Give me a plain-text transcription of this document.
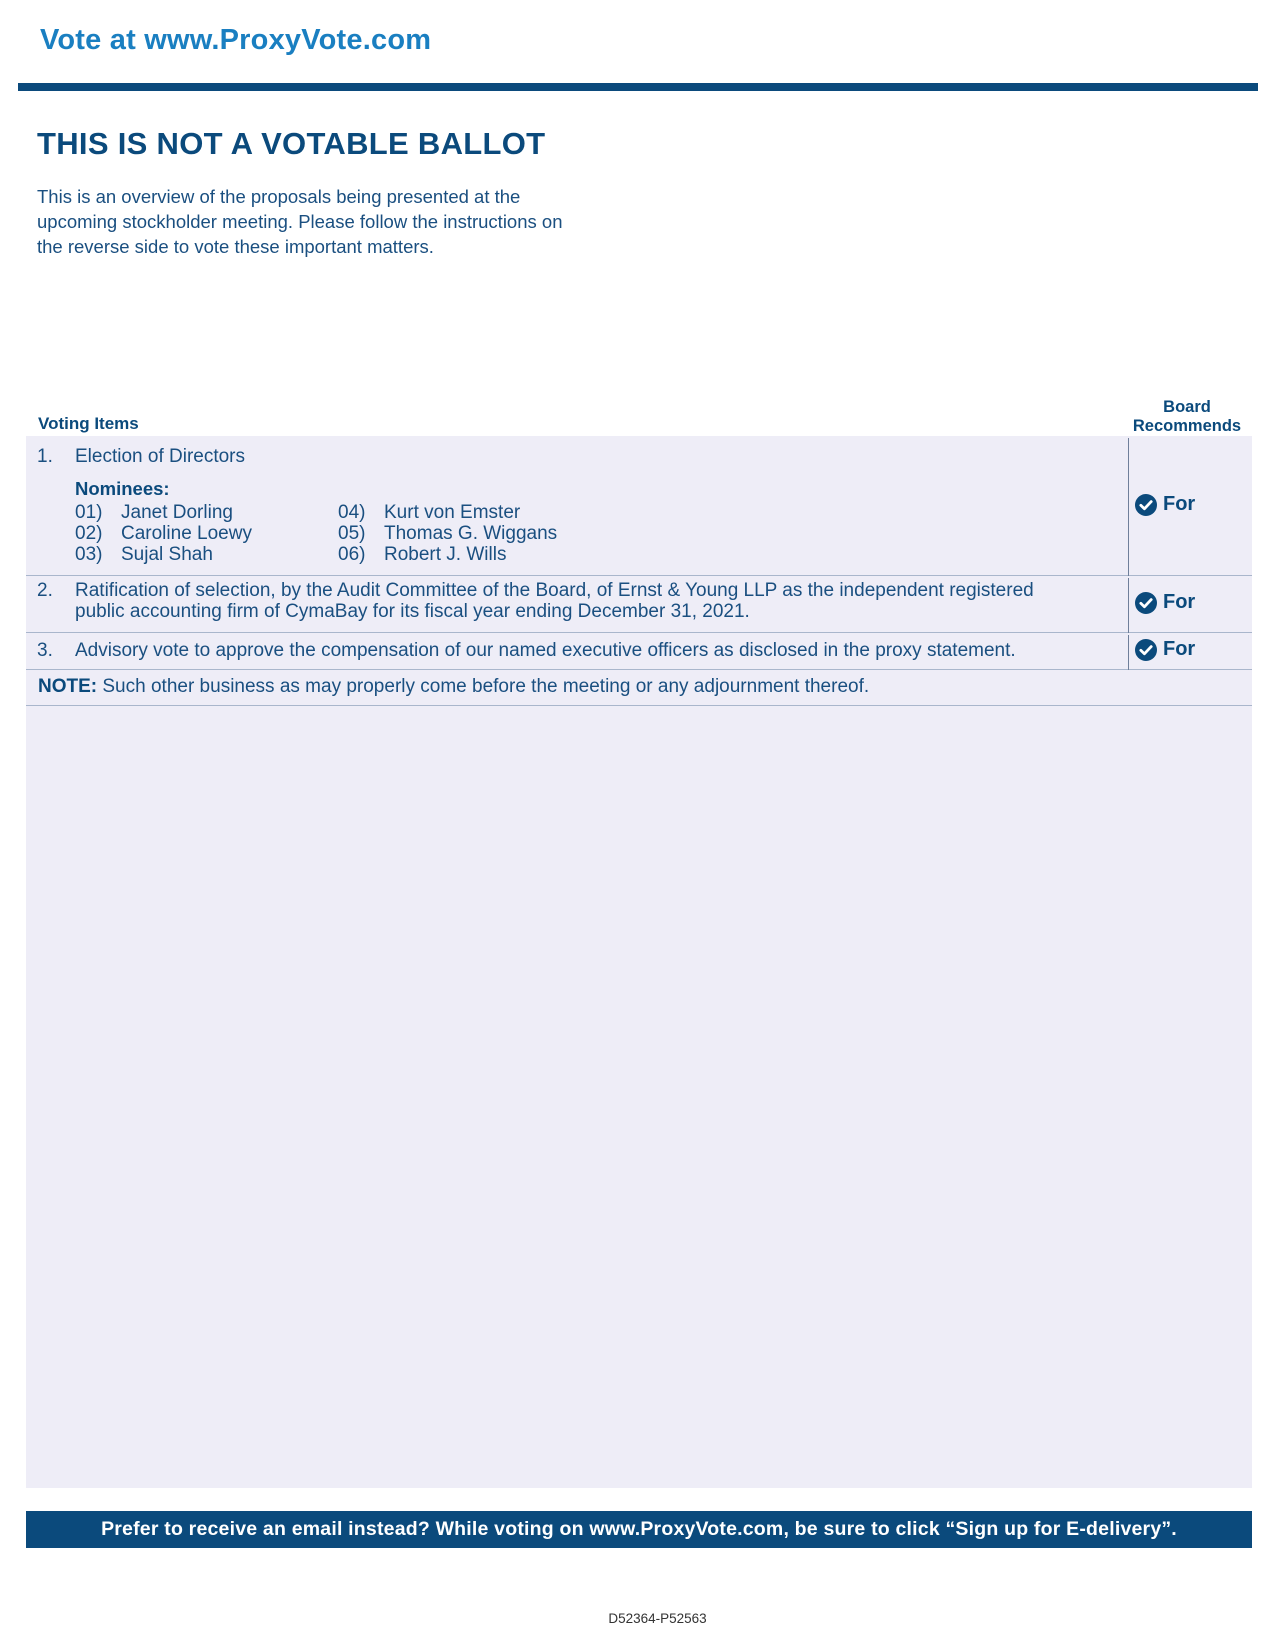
Vote at www.ProxyVote.com
THIS IS NOT A VOTABLE BALLOT
This is an overview of the proposals being presented at the
upcoming stockholder meeting. Please follow the instructions on
the reverse side to vote these important matters.
Voting Items
Board
Recommends
1. Election of Directors
Nominees:
01) Janet Dorling
02) Caroline Loewy
03) Sujal Shah
04) Kurt von Emster
05) Thomas G. Wiggans
06) Robert J. Wills
For
2. Ratification of selection, by the Audit Committee of the Board, of Ernst & Young LLP as the independent registered
public accounting firm of CymaBay for its fiscal year ending December 31, 2021.	For
3. Advisory vote to approve the compensation of our named executive officers as disclosed in the proxy statement.	For
NOTE: Such other business as may properly come before the meeting or any adjournment thereof.
Prefer to receive an email instead? While voting on www.ProxyVote.com, be sure to click “Sign up for E-delivery”.
D52364-P52563
